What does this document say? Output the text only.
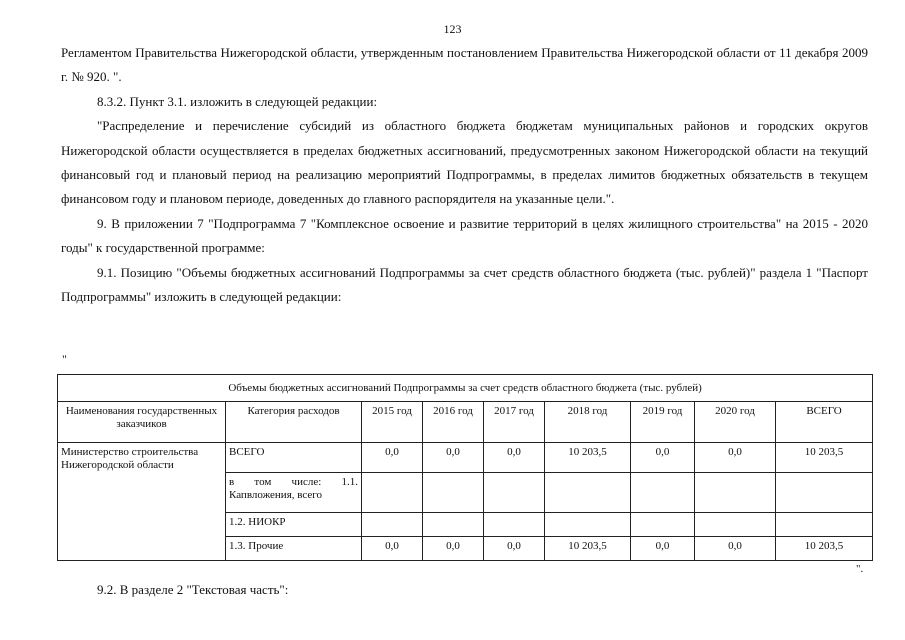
123

Регламентом Правительства Нижегородской области, утвержденным постановлением Правительства Нижегородской области от 11 декабря 2009 г. № 920. ".

8.3.2. Пункт 3.1. изложить в следующей редакции:

"Распределение и перечисление субсидий из областного бюджета бюджетам муниципальных районов и городских округов Нижегородской области осуществляется в пределах бюджетных ассигнований, предусмотренных законом Нижегородской области на текущий финансовый год и плановый период на реализацию мероприятий Подпрограммы, в пределах лимитов бюджетных обязательств в текущем финансовом году и плановом периоде, доведенных до главного распорядителя на указанные цели.".

9. В приложении 7 "Подпрограмма 7 "Комплексное освоение и развитие территорий в целях жилищного строительства" на 2015 - 2020 годы" к государственной программе:

9.1. Позицию "Объемы бюджетных ассигнований Подпрограммы за счет средств областного бюджета (тыс. рублей)" раздела 1 "Паспорт Подпрограммы" изложить в следующей редакции:

"
Объемы бюджетных ассигнований Подпрограммы за счет средств областного бюджета (тыс. рублей)								
Наименования государственных заказчиков	Категория расходов	2015 год	2016 год	2017 год	2018 год	2019 год	2020 год	ВСЕГО
Министерство строительства Нижегородской области	ВСЕГО	0,0	0,0	0,0	10 203,5	0,0	0,0	10 203,5
	в том числе: 1.1. Капвложения, всего							
	1.2. НИОКР							
	1.3. Прочие	0,0	0,0	0,0	10 203,5	0,0	0,0	10 203,5
".
9.2. В разделе 2 "Текстовая часть":
